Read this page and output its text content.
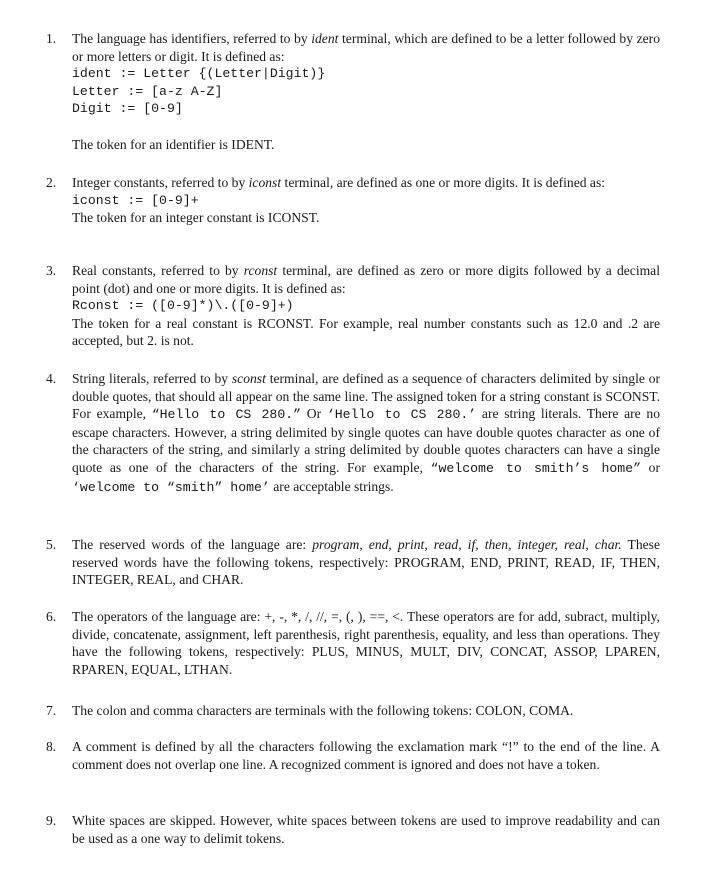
1.	The language has identifiers, referred to by ident terminal, which are defined to be a letter followed by zero or more letters or digit. It is defined as:

ident := Letter {(Letter|Digit)}
Letter := [a-z A-Z]
Digit := [0-9]

The token for an identifier is IDENT.

2.	Integer constants, referred to by iconst terminal, are defined as one or more digits. It is defined as:

iconst := [0-9]+

The token for an integer constant is ICONST.

3.	Real constants, referred to by rconst terminal, are defined as zero or more digits followed by a decimal point (dot) and one or more digits. It is defined as:

Rconst := ([0-9]*)\.([0-9]+)

The token for a real constant is RCONST. For example, real number constants such as 12.0 and .2 are accepted, but 2. is not.

4.	String literals, referred to by sconst terminal, are defined as a sequence of characters delimited by single or double quotes, that should all appear on the same line. The assigned token for a string constant is SCONST. For example, “Hello to CS 280.” Or ‘Hello to CS 280.’ are string literals. There are no escape characters. However, a string delimited by single quotes can have double quotes character as one of the characters of the string, and similarly a string delimited by double quotes characters can have a single quote as one of the characters of the string. For example, “welcome to smith’s home” or ‘welcome to “smith” home’ are acceptable strings.

5.	The reserved words of the language are: program, end, print, read, if, then, integer, real, char. These reserved words have the following tokens, respectively: PROGRAM, END, PRINT, READ, IF, THEN, INTEGER, REAL, and CHAR.

6.	The operators of the language are: +, -, *, /, //, =, (, ), ==, <. These operators are for add, subract, multiply, divide, concatenate, assignment, left parenthesis, right parenthesis, equality, and less than operations. They have the following tokens, respectively: PLUS, MINUS, MULT, DIV, CONCAT, ASSOP, LPAREN, RPAREN, EQUAL, LTHAN.

7.	The colon and comma characters are terminals with the following tokens: COLON, COMA.

8.	A comment is defined by all the characters following the exclamation mark “!” to the end of the line. A comment does not overlap one line. A recognized comment is ignored and does not have a token.

9.	White spaces are skipped. However, white spaces between tokens are used to improve readability and can be used as a one way to delimit tokens.
